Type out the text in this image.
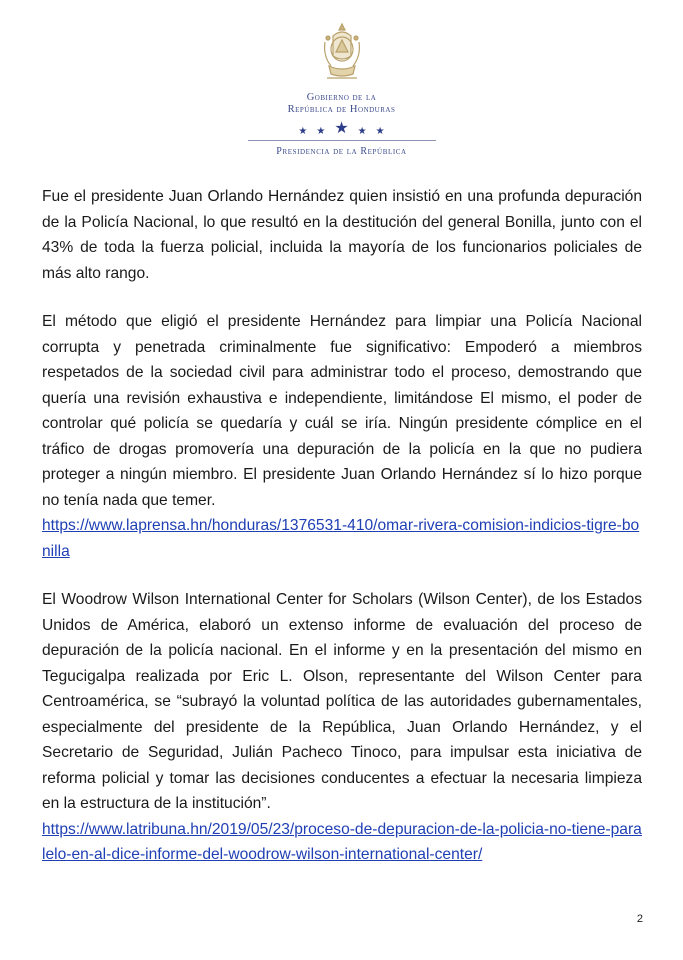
Gobierno de la
República de Honduras
★ ★ ★ ★ ★
Presidencia de la República

Fue el presidente Juan Orlando Hernández quien insistió en una profunda depuración de la Policía Nacional, lo que resultó en la destitución del general Bonilla, junto con el 43% de toda la fuerza policial, incluida la mayoría de los funcionarios policiales de más alto rango.

El método que eligió el presidente Hernández para limpiar una Policía Nacional corrupta y penetrada criminalmente fue significativo: Empoderó a miembros respetados de la sociedad civil para administrar todo el proceso, demostrando que quería una revisión exhaustiva e independiente, limitándose El mismo, el poder de controlar qué policía se quedaría y cuál se iría. Ningún presidente cómplice en el tráfico de drogas promovería una depuración de la policía en la que no pudiera proteger a ningún miembro. El presidente Juan Orlando Hernández sí lo hizo porque no tenía nada que temer.
https://www.laprensa.hn/honduras/1376531-410/omar-rivera-comision-indicios-tigre-bonilla

El Woodrow Wilson International Center for Scholars (Wilson Center), de los Estados Unidos de América, elaboró un extenso informe de evaluación del proceso de depuración de la policía nacional. En el informe y en la presentación del mismo en Tegucigalpa realizada por Eric L. Olson, representante del Wilson Center para Centroamérica, se “subrayó la voluntad política de las autoridades gubernamentales, especialmente del presidente de la República, Juan Orlando Hernández, y el Secretario de Seguridad, Julián Pacheco Tinoco, para impulsar esta iniciativa de reforma policial y tomar las decisiones conducentes a efectuar la necesaria limpieza en la estructura de la institución”.
https://www.latribuna.hn/2019/05/23/proceso-de-depuracion-de-la-policia-no-tiene-paralelo-en-al-dice-informe-del-woodrow-wilson-international-center/

2
